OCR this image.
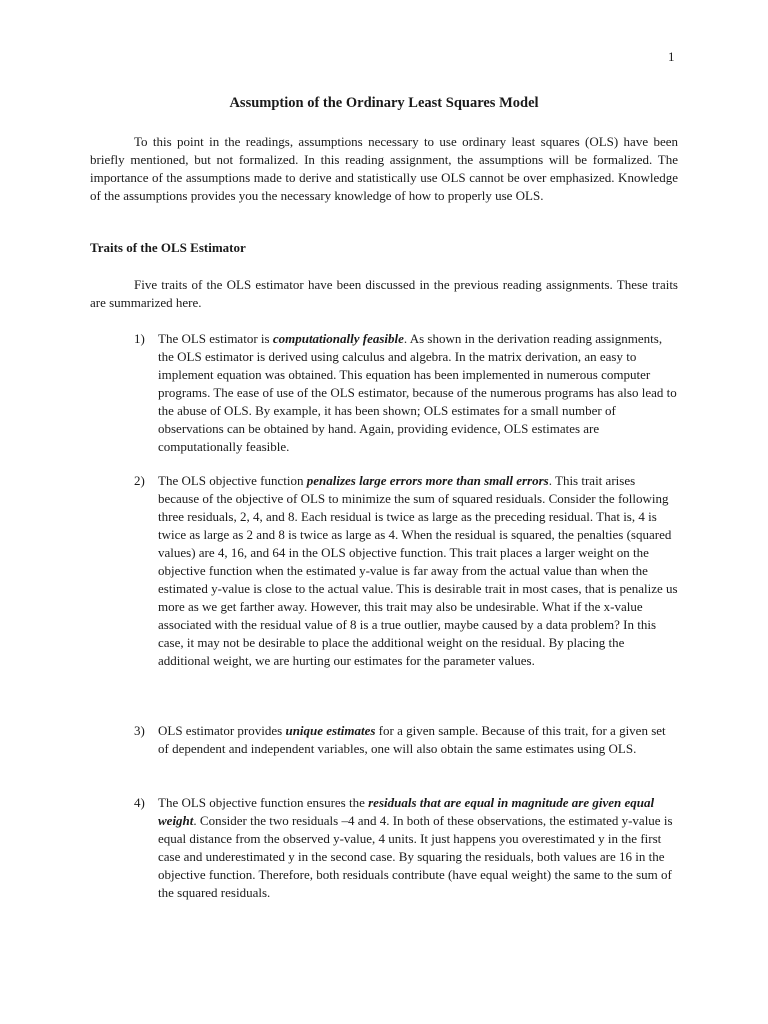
1

Assumption of the Ordinary Least Squares Model

To this point in the readings, assumptions necessary to use ordinary least squares (OLS) have been briefly mentioned, but not formalized. In this reading assignment, the assumptions will be formalized. The importance of the assumptions made to derive and statistically use OLS cannot be over emphasized. Knowledge of the assumptions provides you the necessary knowledge of how to properly use OLS.

Traits of the OLS Estimator

Five traits of the OLS estimator have been discussed in the previous reading assignments. These traits are summarized here.

1)	The OLS estimator is computationally feasible. As shown in the derivation reading assignments, the OLS estimator is derived using calculus and algebra. In the matrix derivation, an easy to implement equation was obtained. This equation has been implemented in numerous computer programs. The ease of use of the OLS estimator, because of the numerous programs has also lead to the abuse of OLS. By example, it has been shown; OLS estimates for a small number of observations can be obtained by hand. Again, providing evidence, OLS estimates are computationally feasible.
2)	The OLS objective function penalizes large errors more than small errors. This trait arises because of the objective of OLS to minimize the sum of squared residuals. Consider the following three residuals, 2, 4, and 8. Each residual is twice as large as the preceding residual. That is, 4 is twice as large as 2 and 8 is twice as large as 4. When the residual is squared, the penalties (squared values) are 4, 16, and 64 in the OLS objective function. This trait places a larger weight on the objective function when the estimated y-value is far away from the actual value than when the estimated y-value is close to the actual value. This is desirable trait in most cases, that is penalize us more as we get farther away. However, this trait may also be undesirable. What if the x-value associated with the residual value of 8 is a true outlier, maybe caused by a data problem? In this case, it may not be desirable to place the additional weight on the residual. By placing the additional weight, we are hurting our estimates for the parameter values.
3)	OLS estimator provides unique estimates for a given sample. Because of this trait, for a given set of dependent and independent variables, one will also obtain the same estimates using OLS.
4)	The OLS objective function ensures the residuals that are equal in magnitude are given equal weight. Consider the two residuals –4 and 4. In both of these observations, the estimated y-value is equal distance from the observed y-value, 4 units. It just happens you overestimated y in the first case and underestimated y in the second case. By squaring the residuals, both values are 16 in the objective function. Therefore, both residuals contribute (have equal weight) the same to the sum of the squared residuals.
